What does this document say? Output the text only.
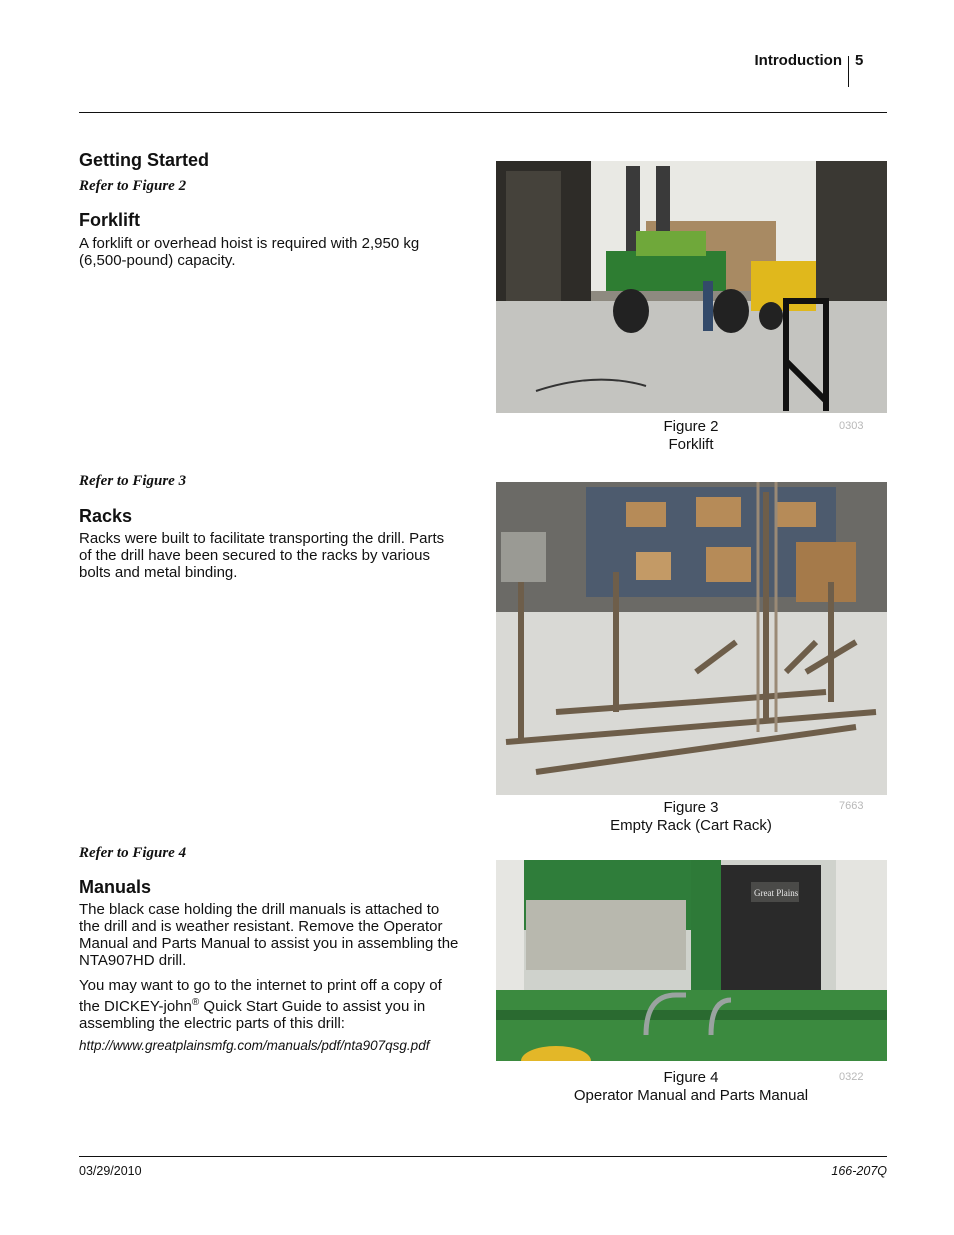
Introduction 5
Getting Started
Refer to Figure 2
Forklift
A forklift or overhead hoist is required with 2,950 kg
(6,500-pound) capacity.
Refer to Figure 3
Racks
Racks were built to facilitate transporting the drill. Parts
of the drill have been secured to the racks by various
bolts and metal binding.
Refer to Figure 4
Manuals
The black case holding the drill manuals is attached to
the drill and is weather resistant. Remove the Operator
Manual and Parts Manual to assist you in assembling the
NTA907HD drill.
You may want to go to the internet to print off a copy of
the DICKEY-john® Quick Start Guide to assist you in
assembling the electric parts of this drill:
http://www.greatplainsmfg.com/manuals/pdf/nta907qsg.pdf
Figure 2
Forklift
0303
Figure 3
Empty Rack (Cart Rack)
7663
Great Plains
Figure 4
Operator Manual and Parts Manual
0322
03/29/2010	166-207Q
